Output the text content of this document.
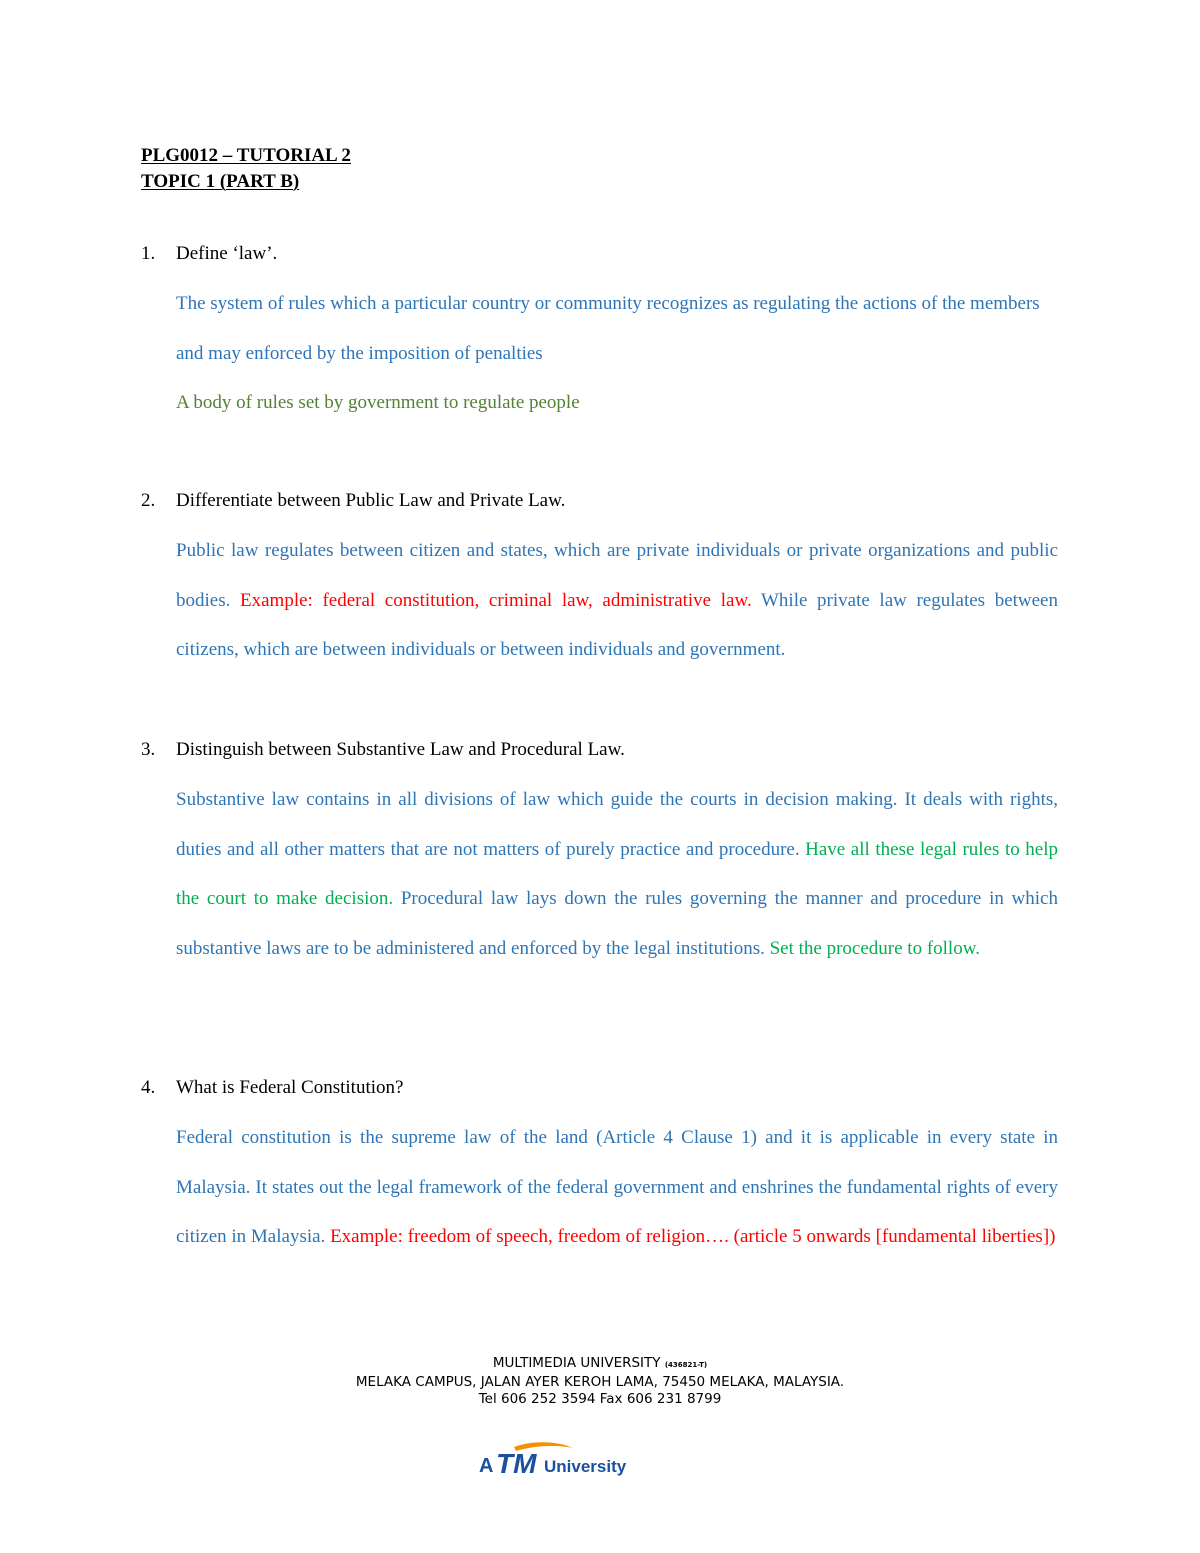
PLG0012 – TUTORIAL 2
TOPIC 1 (PART B)
1. Define ‘law’.
The system of rules which a particular country or community recognizes as regulating the actions of the members and may enforced by the imposition of penalties
A body of rules set by government to regulate people
2. Differentiate between Public Law and Private Law.
Public law regulates between citizen and states, which are private individuals or private organizations and public bodies. Example: federal constitution, criminal law, administrative law. While private law regulates between citizens, which are between individuals or between individuals and government.
3. Distinguish between Substantive Law and Procedural Law.
Substantive law contains in all divisions of law which guide the courts in decision making. It deals with rights, duties and all other matters that are not matters of purely practice and procedure. Have all these legal rules to help the court to make decision. Procedural law lays down the rules governing the manner and procedure in which substantive laws are to be administered and enforced by the legal institutions. Set the procedure to follow.
4. What is Federal Constitution?
Federal constitution is the supreme law of the land (Article 4 Clause 1) and it is applicable in every state in Malaysia. It states out the legal framework of the federal government and enshrines the fundamental rights of every citizen in Malaysia. Example: freedom of speech, freedom of religion…. (article 5 onwards [fundamental liberties])
MULTIMEDIA UNIVERSITY (436821-T)
MELAKA CAMPUS, JALAN AYER KEROH LAMA, 75450 MELAKA, MALAYSIA.
Tel 606 252 3594 Fax 606 231 8799
A TM University
